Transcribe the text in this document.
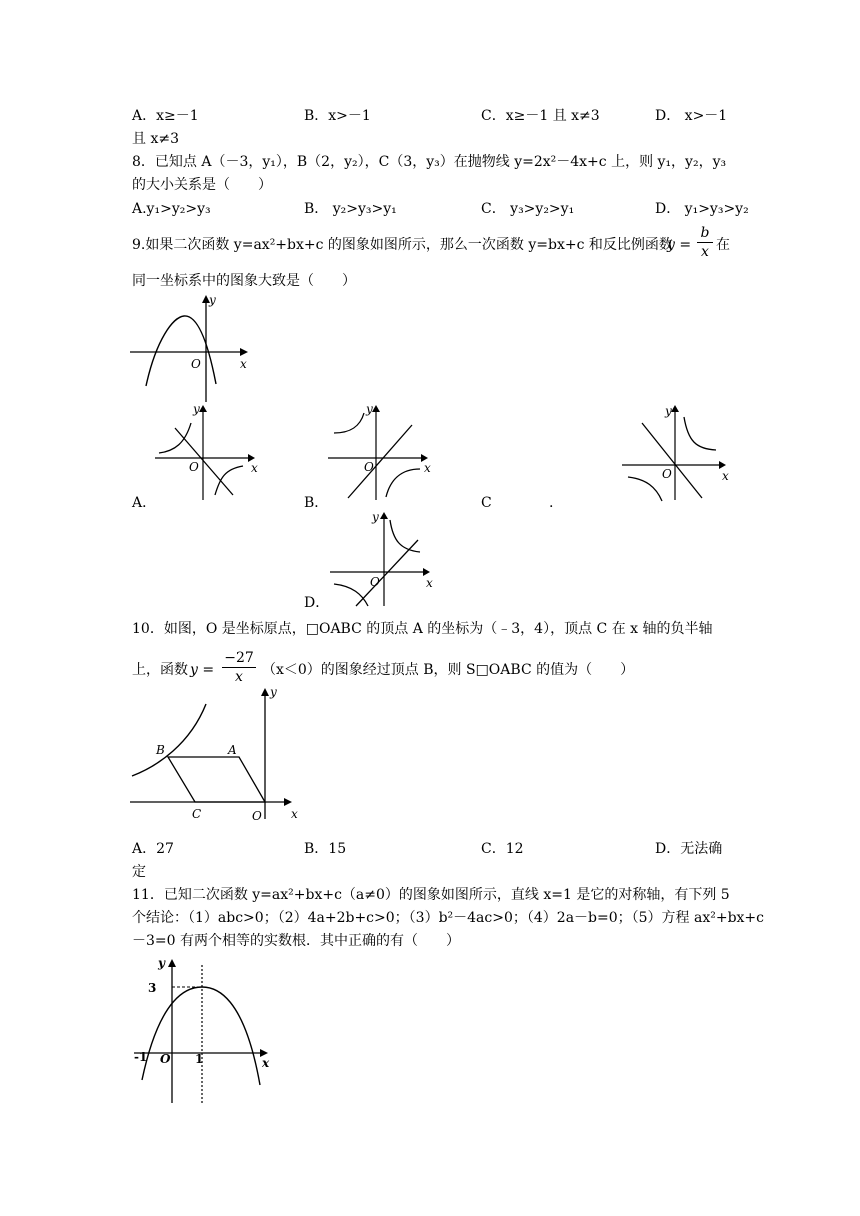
A．x≥－1	B．x>－1	C．x≥－1 且 x≠3	D． x>－1
且 x≠3
8．已知点 A（－3，y₁），B（2，y₂），C（3，y₃）在抛物线 y=2x²－4x+c 上，则 y₁，y₂，y₃
的大小关系是（　　）
A.y₁>y₂>y₃	B． y₂>y₃>y₁	C． y₃>y₂>y₁	D． y₁>y₃>y₂
9.如果二次函数 y=ax²+bx+c 的图象如图所示，那么一次函数 y=bx+c 和反比例函数
y =
b
x 在
同一坐标系中的图象大致是（　　）
y
x
O
y
x
O
A．
y
x
O
B．
y
x
O
C	.
y
x
O
D．
10．如图，O 是坐标原点，□OABC 的顶点 A 的坐标为（﹣3，4），顶点 C 在 x 轴的负半轴
上，函数 y =
−27
x	（x＜0）的图象经过顶点 B，则 S□OABC 的值为（　　）
B	A
C	O
y
x
A．27	B．15	C．12	D．无法确
定
11．已知二次函数 y=ax²+bx+c（a≠0）的图象如图所示，直线 x=1 是它的对称轴，有下列 5
个结论：（1）abc>0；（2）4a+2b+c>0；（3）b²－4ac>0；（4）2a－b=0；（5）方程 ax²+bx+c
－3=0 有两个相等的实数根．其中正确的有（　　）
y
3
-1 O 1	x
